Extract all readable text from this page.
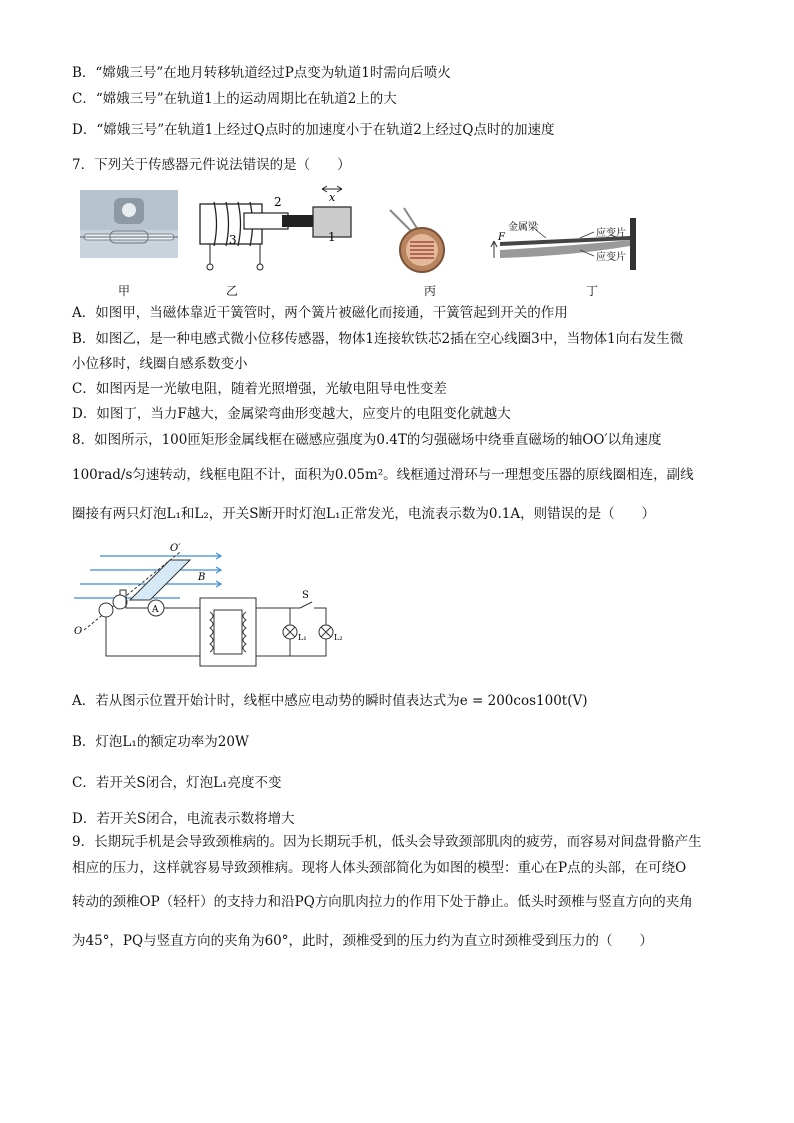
B．“嫦娥三号”在地月转移轨道经过P点变为轨道1时需向后喷火
C．“嫦娥三号”在轨道1上的运动周期比在轨道2上的大
D．“嫦娥三号”在轨道1上经过Q点时的加速度小于在轨道2上经过Q点时的加速度
7．下列关于传感器元件说法错误的是（　　）
2
3	1
x
金属梁
F	应变片
应变片
甲	乙	丙	丁
A．如图甲，当磁体靠近干簧管时，两个簧片被磁化而接通，干簧管起到开关的作用
B．如图乙，是一种电感式微小位移传感器，物体1连接软铁芯2插在空心线圈3中，当物体1向右发生微
小位移时，线圈自感系数变小
C．如图丙是一光敏电阻，随着光照增强，光敏电阻导电性变差
D．如图丁，当力F越大，金属梁弯曲形变越大，应变片的电阻变化就越大
8．如图所示，100匝矩形金属线框在磁感应强度为0.4T的匀强磁场中绕垂直磁场的轴OO′以角速度
100rad/s匀速转动，线框电阻不计，面积为0.05m²。线框通过滑环与一理想变压器的原线圈相连，副线
圈接有两只灯泡L₁和L₂，开关S断开时灯泡L₁正常发光，电流表示数为0.1A，则错误的是（　　）
O′
B
O
A
S
L₁	L₂
A．若从图示位置开始计时，线框中感应电动势的瞬时值表达式为e = 200cos100t(V)
B．灯泡L₁的额定功率为20W
C．若开关S闭合，灯泡L₁亮度不变
D．若开关S闭合，电流表示数将增大
9．长期玩手机是会导致颈椎病的。因为长期玩手机，低头会导致颈部肌肉的疲劳，而容易对间盘骨骼产生
相应的压力，这样就容易导致颈椎病。现将人体头颈部简化为如图的模型：重心在P点的头部，在可绕O
转动的颈椎OP（轻杆）的支持力和沿PQ方向肌肉拉力的作用下处于静止。低头时颈椎与竖直方向的夹角
为45°，PQ与竖直方向的夹角为60°，此时，颈椎受到的压力约为直立时颈椎受到压力的（　　）
